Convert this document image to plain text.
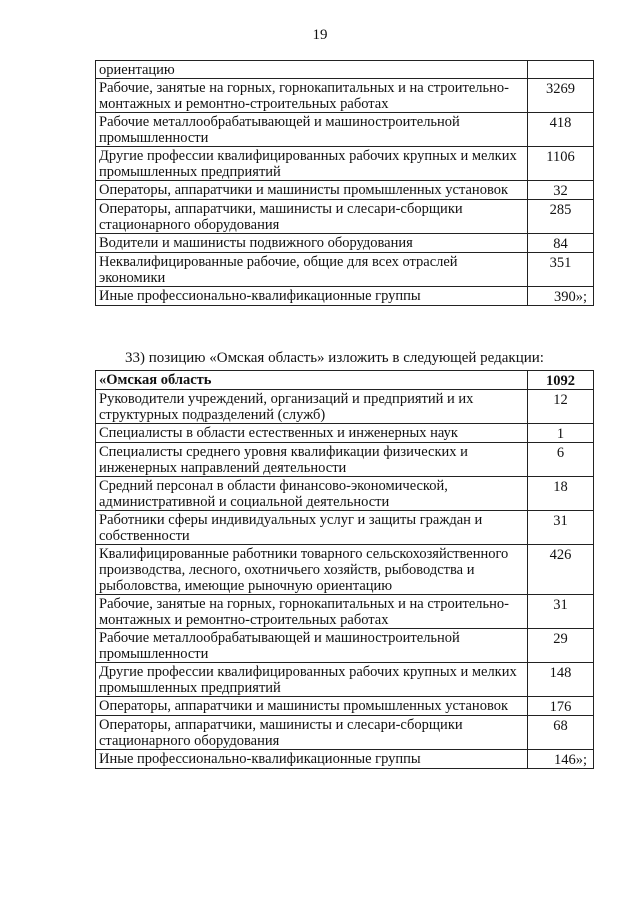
19
ориентацию	
Рабочие, занятые на горных, горнокапитальных и на строительно-монтажных и ремонтно-строительных работах	3269
Рабочие металлообрабатывающей и машиностроительной промышленности	418
Другие профессии квалифицированных рабочих крупных и мелких промышленных предприятий	1106
Операторы, аппаратчики и машинисты промышленных установок	32
Операторы, аппаратчики, машинисты и слесари-сборщики стационарного оборудования	285
Водители и машинисты подвижного оборудования	84
Неквалифицированные рабочие, общие для всех отраслей экономики	351
Иные профессионально-квалификационные группы	390»;
33) позицию «Омская область» изложить в следующей редакции:
«Омская область	1092
Руководители учреждений, организаций и предприятий и их структурных подразделений (служб)	12
Специалисты в области естественных и инженерных наук	1
Специалисты среднего уровня квалификации физических и инженерных направлений деятельности	6
Средний персонал в области финансово-экономической, административной и социальной деятельности	18
Работники сферы индивидуальных услуг и защиты граждан и собственности	31
Квалифицированные работники товарного сельскохозяйственного производства, лесного, охотничьего хозяйств, рыбоводства и рыболовства, имеющие рыночную ориентацию	426
Рабочие, занятые на горных, горнокапитальных и на строительно-монтажных и ремонтно-строительных работах	31
Рабочие металлообрабатывающей и машиностроительной промышленности	29
Другие профессии квалифицированных рабочих крупных и мелких промышленных предприятий	148
Операторы, аппаратчики и машинисты промышленных установок	176
Операторы, аппаратчики, машинисты и слесари-сборщики стационарного оборудования	68
Иные профессионально-квалификационные группы	146»;
